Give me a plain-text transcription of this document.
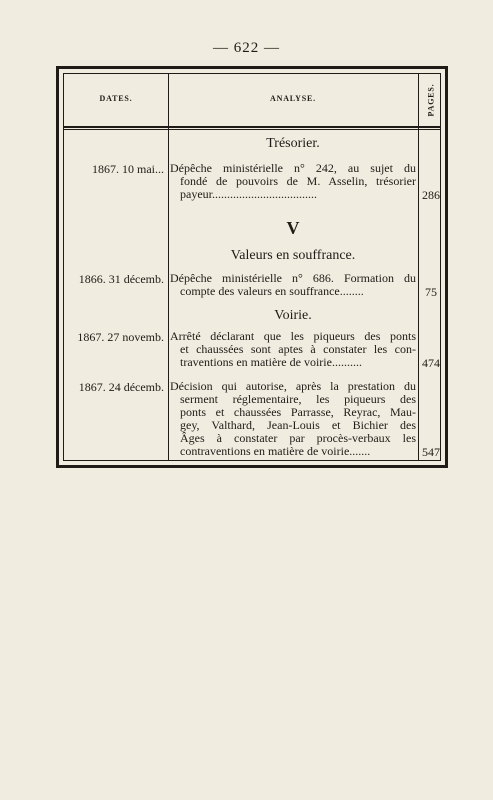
— 622 —
DATES.	ANALYSE.	PAGES.
Trésorier.
1867. 10 mai... Dépêche ministérielle n° 242, au sujet du
fondé de pouvoirs de M. Asselin, trésorier
payeur...................................	286
V
Valeurs en souffrance.
1866. 31 décemb. Dépêche ministérielle n° 686. Formation du
compte des valeurs en souffrance........	75
Voirie.
1867. 27 novemb. Arrêté déclarant que les piqueurs des ponts
et chaussées sont aptes à constater les con-
traventions en matière de voirie..........	474
1867. 24 décemb. Décision qui autorise, après la prestation du
serment réglementaire, les piqueurs des
ponts et chaussées Parrasse, Reyrac, Mau-
gey, Valthard, Jean-Louis et Bichier des
Âges à constater par procès-verbaux les
contraventions en matière de voirie.......	547
